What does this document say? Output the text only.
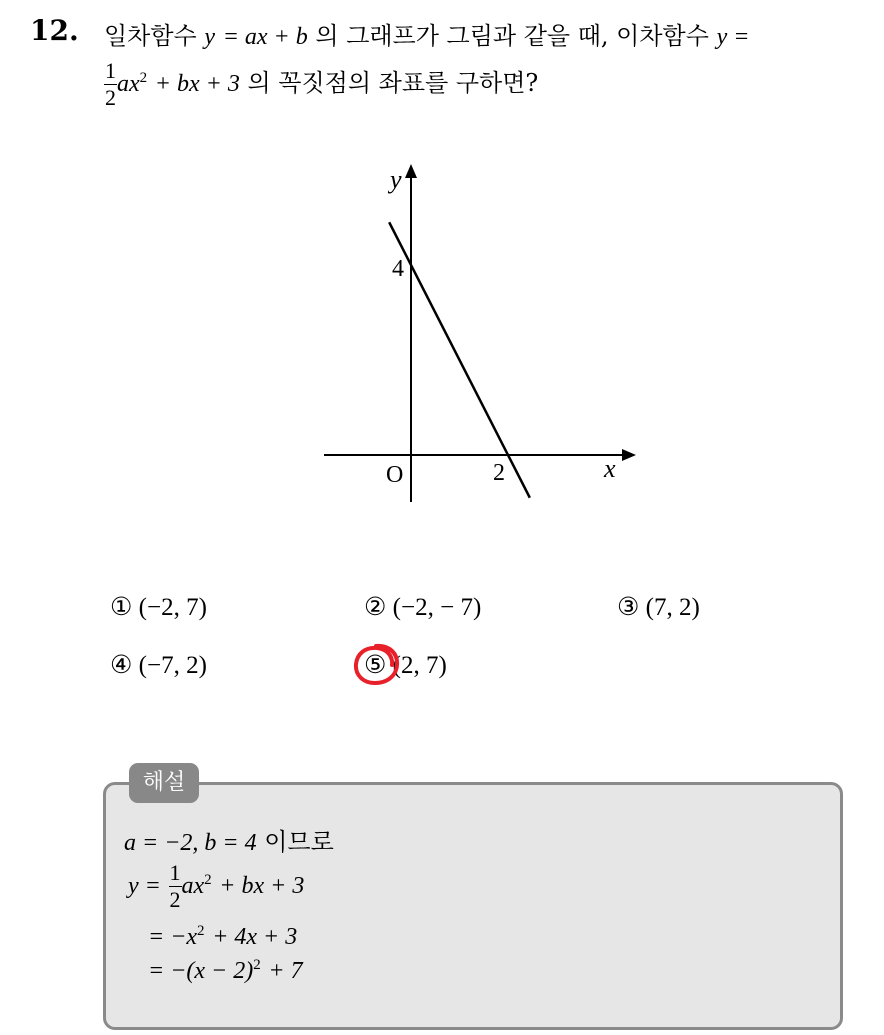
12. 일차함수 y = ax + b 의 그래프가 그림과 같을 때, 이차함수 y =
$\frac{1}{2} ax^2$ + bx + 3 의 꼭짓점의 좌표를 구하면?
y
x
O
4
2
① (−2, 7)	② (−2, − 7)	③ (7, 2)
④ (−7, 2)	⑤ (2, 7)
해설
a = −2, b = 4 이므로
$y = \frac{1}{2} ax^2$ + bx + 3
= $-x^2 + 4x + 3$
= $-(x - 2)^2 + 7$
